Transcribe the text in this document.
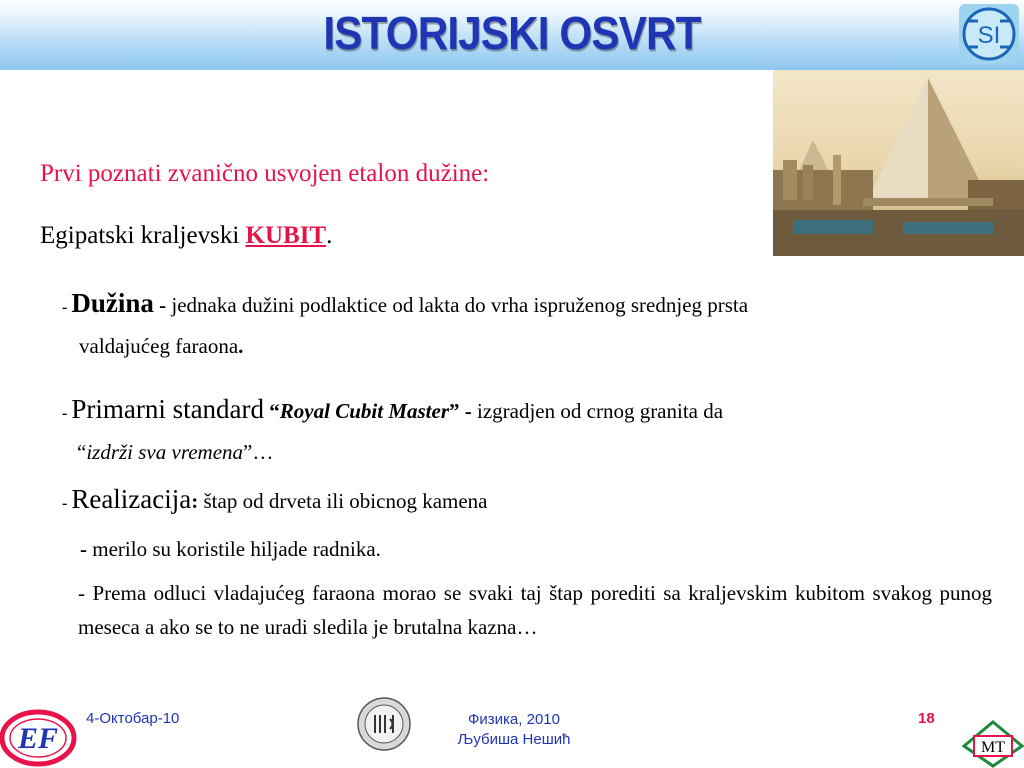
ISTORIJSKI OSVRT	SI
Prvi poznati zvanično usvojen etalon dužine:
Egipatski kraljevski KUBIT.
- Dužina - jednaka dužini podlaktice od lakta do vrha ispruženog srednjeg prsta
valdajućeg faraona.
- Primarni standard “Royal Cubit Master” - izgradjen od crnog granita da
“izdrži sva vremena”…
- Realizacija: štap od drveta ili obicnog kamena
- merilo su koristile hiljade radnika.
- Prema odluci vladajućeg faraona morao se svaki taj štap porediti sa kraljevskim kubitom svakog punog meseca a ako se to ne uradi sledila je brutalna kazna…
EF
4-Октобар-10	Физика, 2010
Љубиша Нешић
18
MT
